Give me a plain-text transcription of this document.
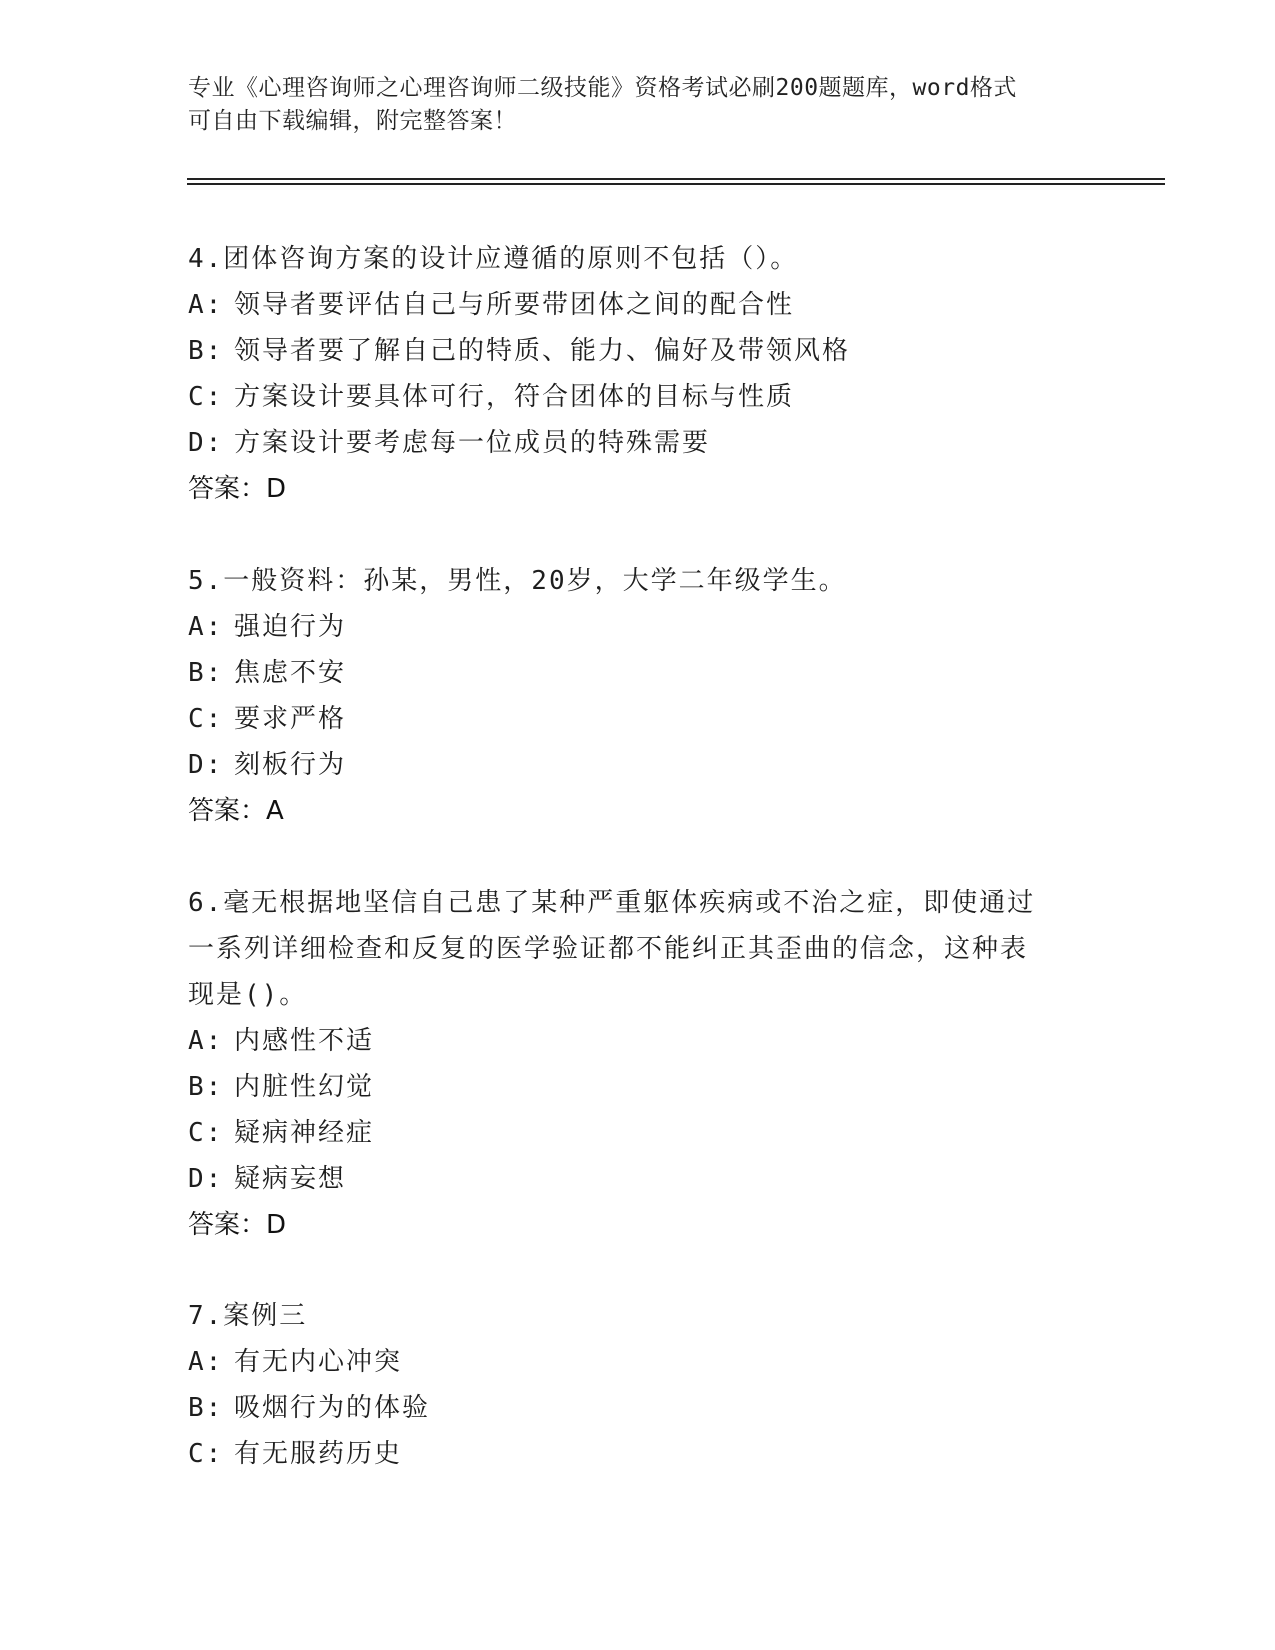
专业《心理咨询师之心理咨询师二级技能》资格考试必刷200题题库，word格式
可自由下载编辑，附完整答案！
4.团体咨询方案的设计应遵循的原则不包括（）。
A: 领导者要评估自己与所要带团体之间的配合性
B: 领导者要了解自己的特质、能力、偏好及带领风格
C: 方案设计要具体可行，符合团体的目标与性质
D: 方案设计要考虑每一位成员的特殊需要
答案：D
5.一般资料：孙某，男性，20岁，大学二年级学生。
A: 强迫行为
B: 焦虑不安
C: 要求严格
D: 刻板行为
答案：A
6.毫无根据地坚信自己患了某种严重躯体疾病或不治之症，即使通过
一系列详细检查和反复的医学验证都不能纠正其歪曲的信念，这种表
现是()。
A: 内感性不适
B: 内脏性幻觉
C: 疑病神经症
D: 疑病妄想
答案：D
7.案例三
A: 有无内心冲突
B: 吸烟行为的体验
C: 有无服药历史
